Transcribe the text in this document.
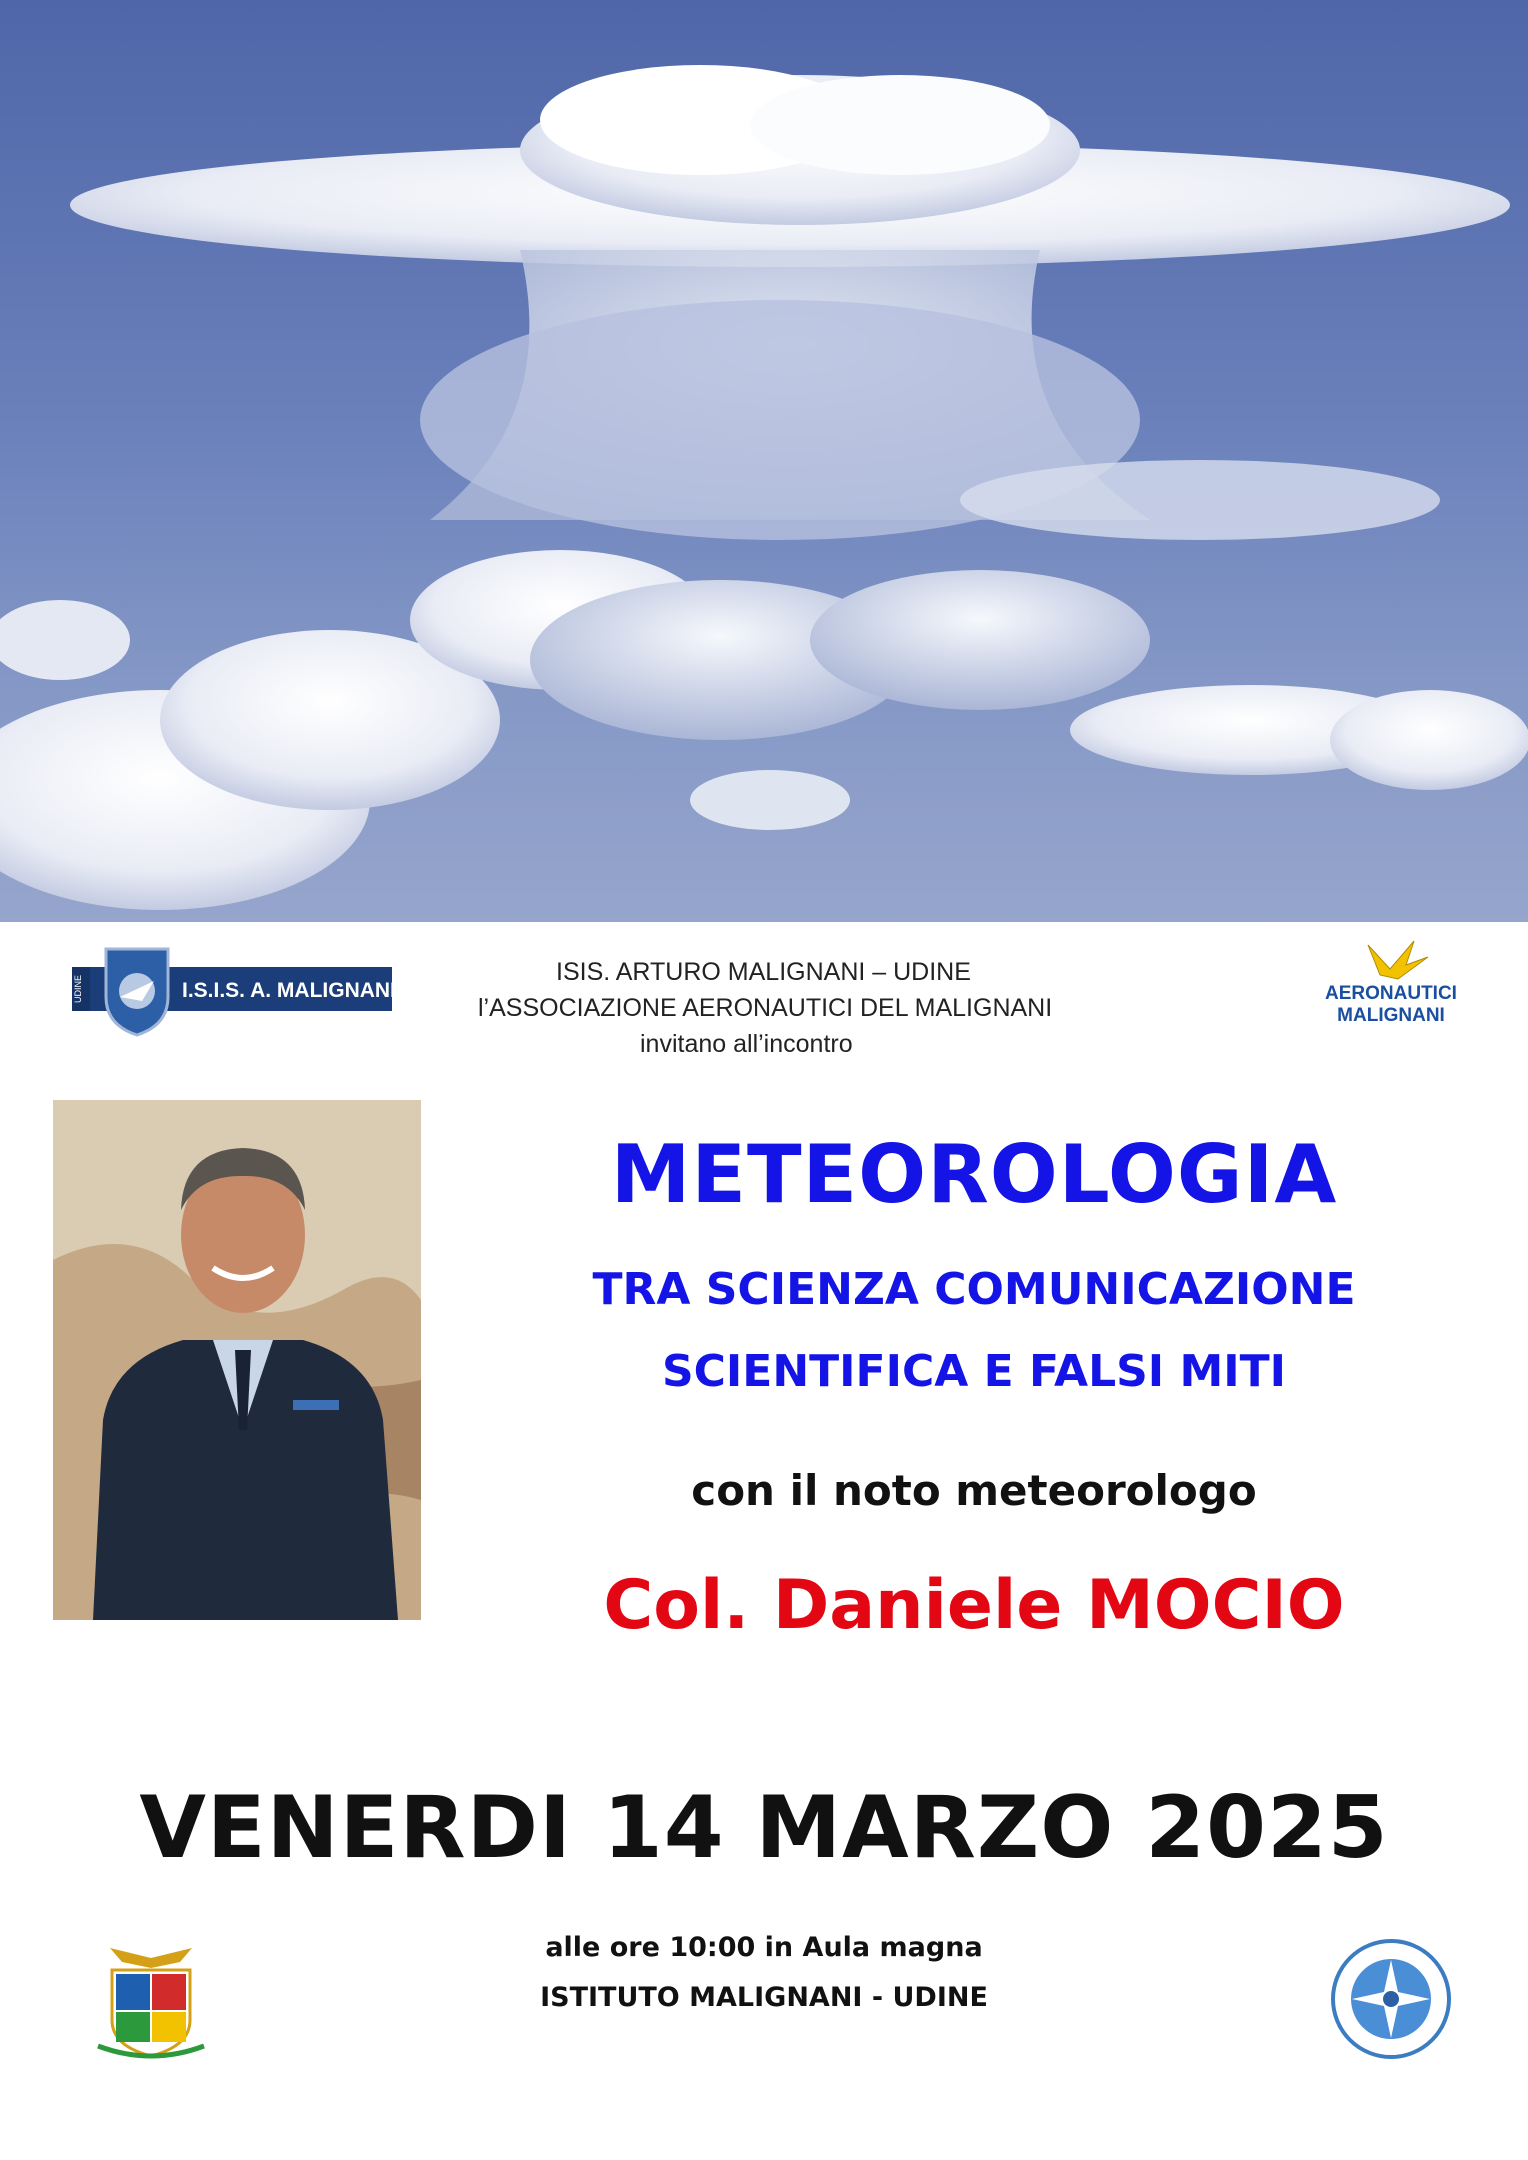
UDINE	I.S.I.S. A. MALIGNANI
ISIS. ARTURO MALIGNANI – UDINE
l’ASSOCIAZIONE AERONAUTICI DEL MALIGNANI
invitano all’incontro
AERONAUTICI
MALIGNANI
METEOROLOGIA
TRA SCIENZA COMUNICAZIONE
SCIENTIFICA E FALSI MITI
con il noto meteorologo
Col. Daniele MOCIO
VENERDI 14 MARZO 2025
alle ore 10:00 in Aula magna
ISTITUTO MALIGNANI - UDINE
